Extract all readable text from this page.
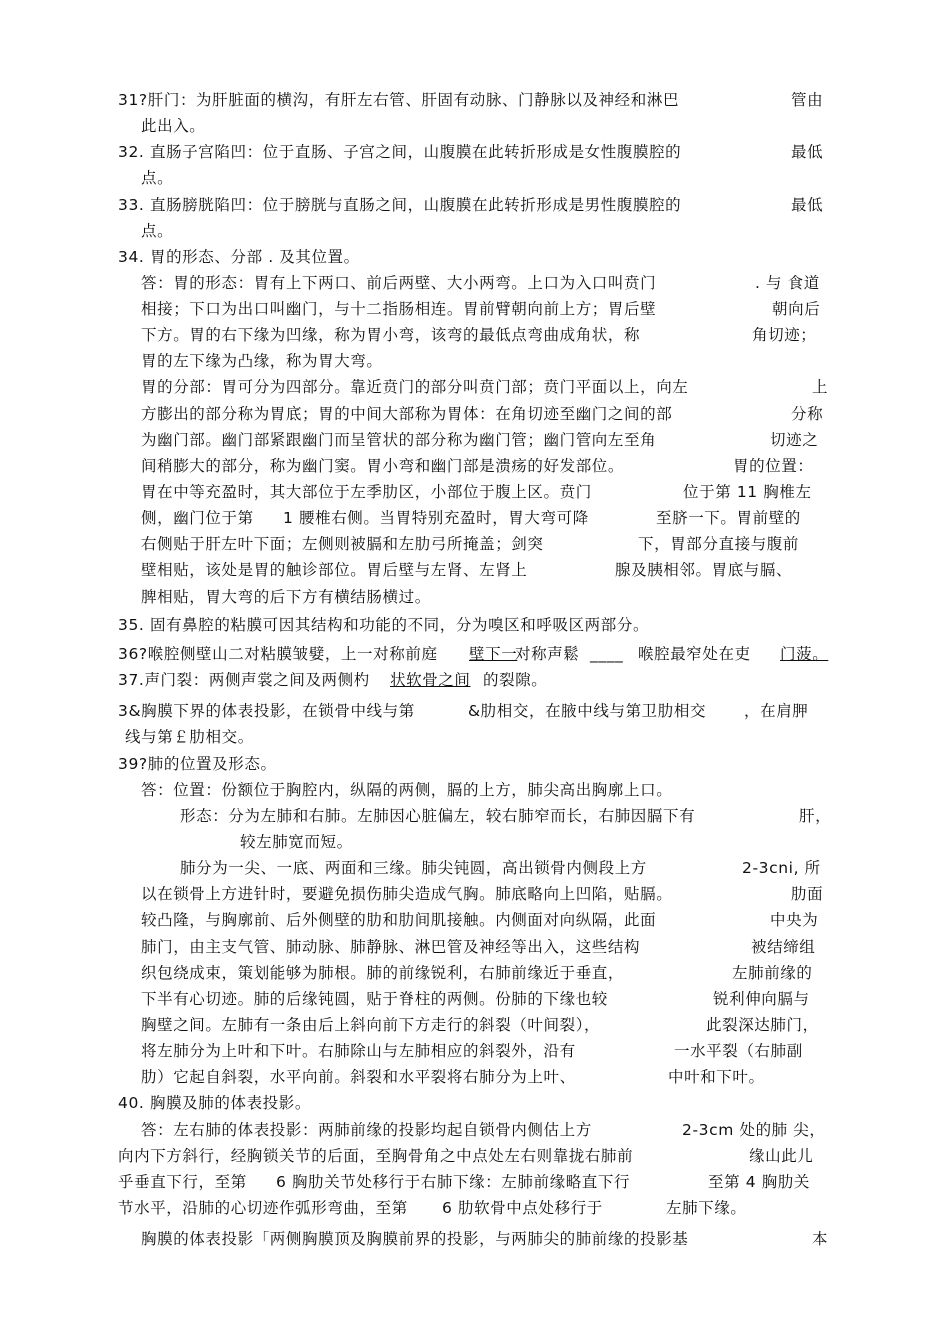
31?肝门：为肝脏面的横沟，有肝左右管、肝固有动脉、门静脉以及神经和淋巴	管由
此出入。
32. 直肠子宫陷凹：位于直肠、子宫之间，山腹膜在此转折形成是女性腹膜腔的	最低
点。
33. 直肠膀胱陷凹：位于膀胱与直肠之间，山腹膜在此转折形成是男性腹膜腔的	最低
点。
34. 胃的形态、分部 . 及其位置。
答：胃的形态：胃有上下两口、前后两壁、大小两弯。上口为入口叫贲门	. 与 食道
相接；下口为出口叫幽门，与十二指肠相连。胃前臂朝向前上方；胃后壁	朝向后
下方。胃的右下缘为凹缘，称为胃小弯，该弯的最低点弯曲成角状，称	角切迹；
胃的左下缘为凸缘，称为胃大弯。
胃的分部：胃可分为四部分。靠近贲门的部分叫贲门部；贲门平面以上，向左	上
方膨出的部分称为胃底；胃的中间大部称为胃体：在角切迹至幽门之间的部	分称
为幽门部。幽门部紧跟幽门而呈管状的部分称为幽门管；幽门管向左至角	切迹之
间稍膨大的部分，称为幽门窦。胃小弯和幽门部是溃疡的好发部位。	胃的位置：
胃在中等充盈时，其大部位于左季肋区，小部位于腹上区。贲门	位于第 11 胸椎左
侧，幽门位于第 1 腰椎右侧。当胃特别充盈时，胃大弯可降	至脐一下。胃前壁的
右侧贴于肝左叶下面；左侧则被膈和左肋弓所掩盖；剑突	下，胃部分直接与腹前
壁相贴，该处是胃的触诊部位。胃后壁与左肾、左肾上	腺及胰相邻。胃底与膈、
脾相贴，胃大弯的后下方有横结肠横过。
35. 固有鼻腔的粘膜可因其结构和功能的不同，分为嗅区和呼吸区两部分。
36?喉腔侧壁山二对粘膜皱嬖，上一对称前庭 壁下一
对称声鬆 ____ 喉腔最窄处在吏 门菠。
37.声门裂：两侧声裳之间及两侧杓 状软骨之间 的裂隙。
3&胸膜下界的体表投影，在锁骨中线与第	&肋相交，在腋中线与第卫肋相交 ，在肩胛
线与第￡肋相交。
39?肺的位置及形态。
答：位置：份额位于胸腔内，纵隔的两侧，膈的上方，肺尖高出胸廓上口。
形态：分为左肺和右肺。左肺因心脏偏左，较右肺窄而长，右肺因膈下有	肝，
较左肺宽而短。
肺分为一尖、一底、两面和三缘。肺尖钝圆，高出锁骨内侧段上方	2-3cni, 所
以在锁骨上方进针时，要避免损伤肺尖造成气胸。肺底略向上凹陷，贴膈。	肋面
较凸隆，与胸廓前、后外侧壁的肋和肋间肌接触。内侧面对向纵隔，此面	中央为
肺门，由主支气管、肺动脉、肺静脉、淋巴管及神经等出入，这些结构	被结缔组
织包绕成束，策划能够为肺根。肺的前缘锐利，右肺前缘近于垂直，	左肺前缘的
下半有心切迹。肺的后缘钝圆，贴于脊柱的两侧。份肺的下缘也较	锐利伸向膈与
胸壁之间。左肺有一条由后上斜向前下方走行的斜裂（叶间裂），	此裂深达肺门，
将左肺分为上叶和下叶。右肺除山与左肺相应的斜裂外，沿有	一水平裂（右肺副
肋）它起自斜裂，水平向前。斜裂和水平裂将右肺分为上叶、	中叶和下叶。
40. 胸膜及肺的体表投影。
答：左右肺的体表投影：两肺前缘的投影均起自锁骨内侧估上方	2-3cm 处的肺 尖，
向内下方斜行，经胸锁关节的后面，至胸骨角之中点处左右则靠拢右肺前	缘山此儿
乎垂直下行，至第 6 胸肋关节处移行于右肺下缘：左肺前缘略直下行	至第 4 胸肋关
节水平，沿肺的心切迹作弧形弯曲，至第 6 肋软骨中点处移行于	左肺下缘。
胸膜的体表投影「两侧胸膜顶及胸膜前界的投影，与两肺尖的肺前缘的投影基	本
